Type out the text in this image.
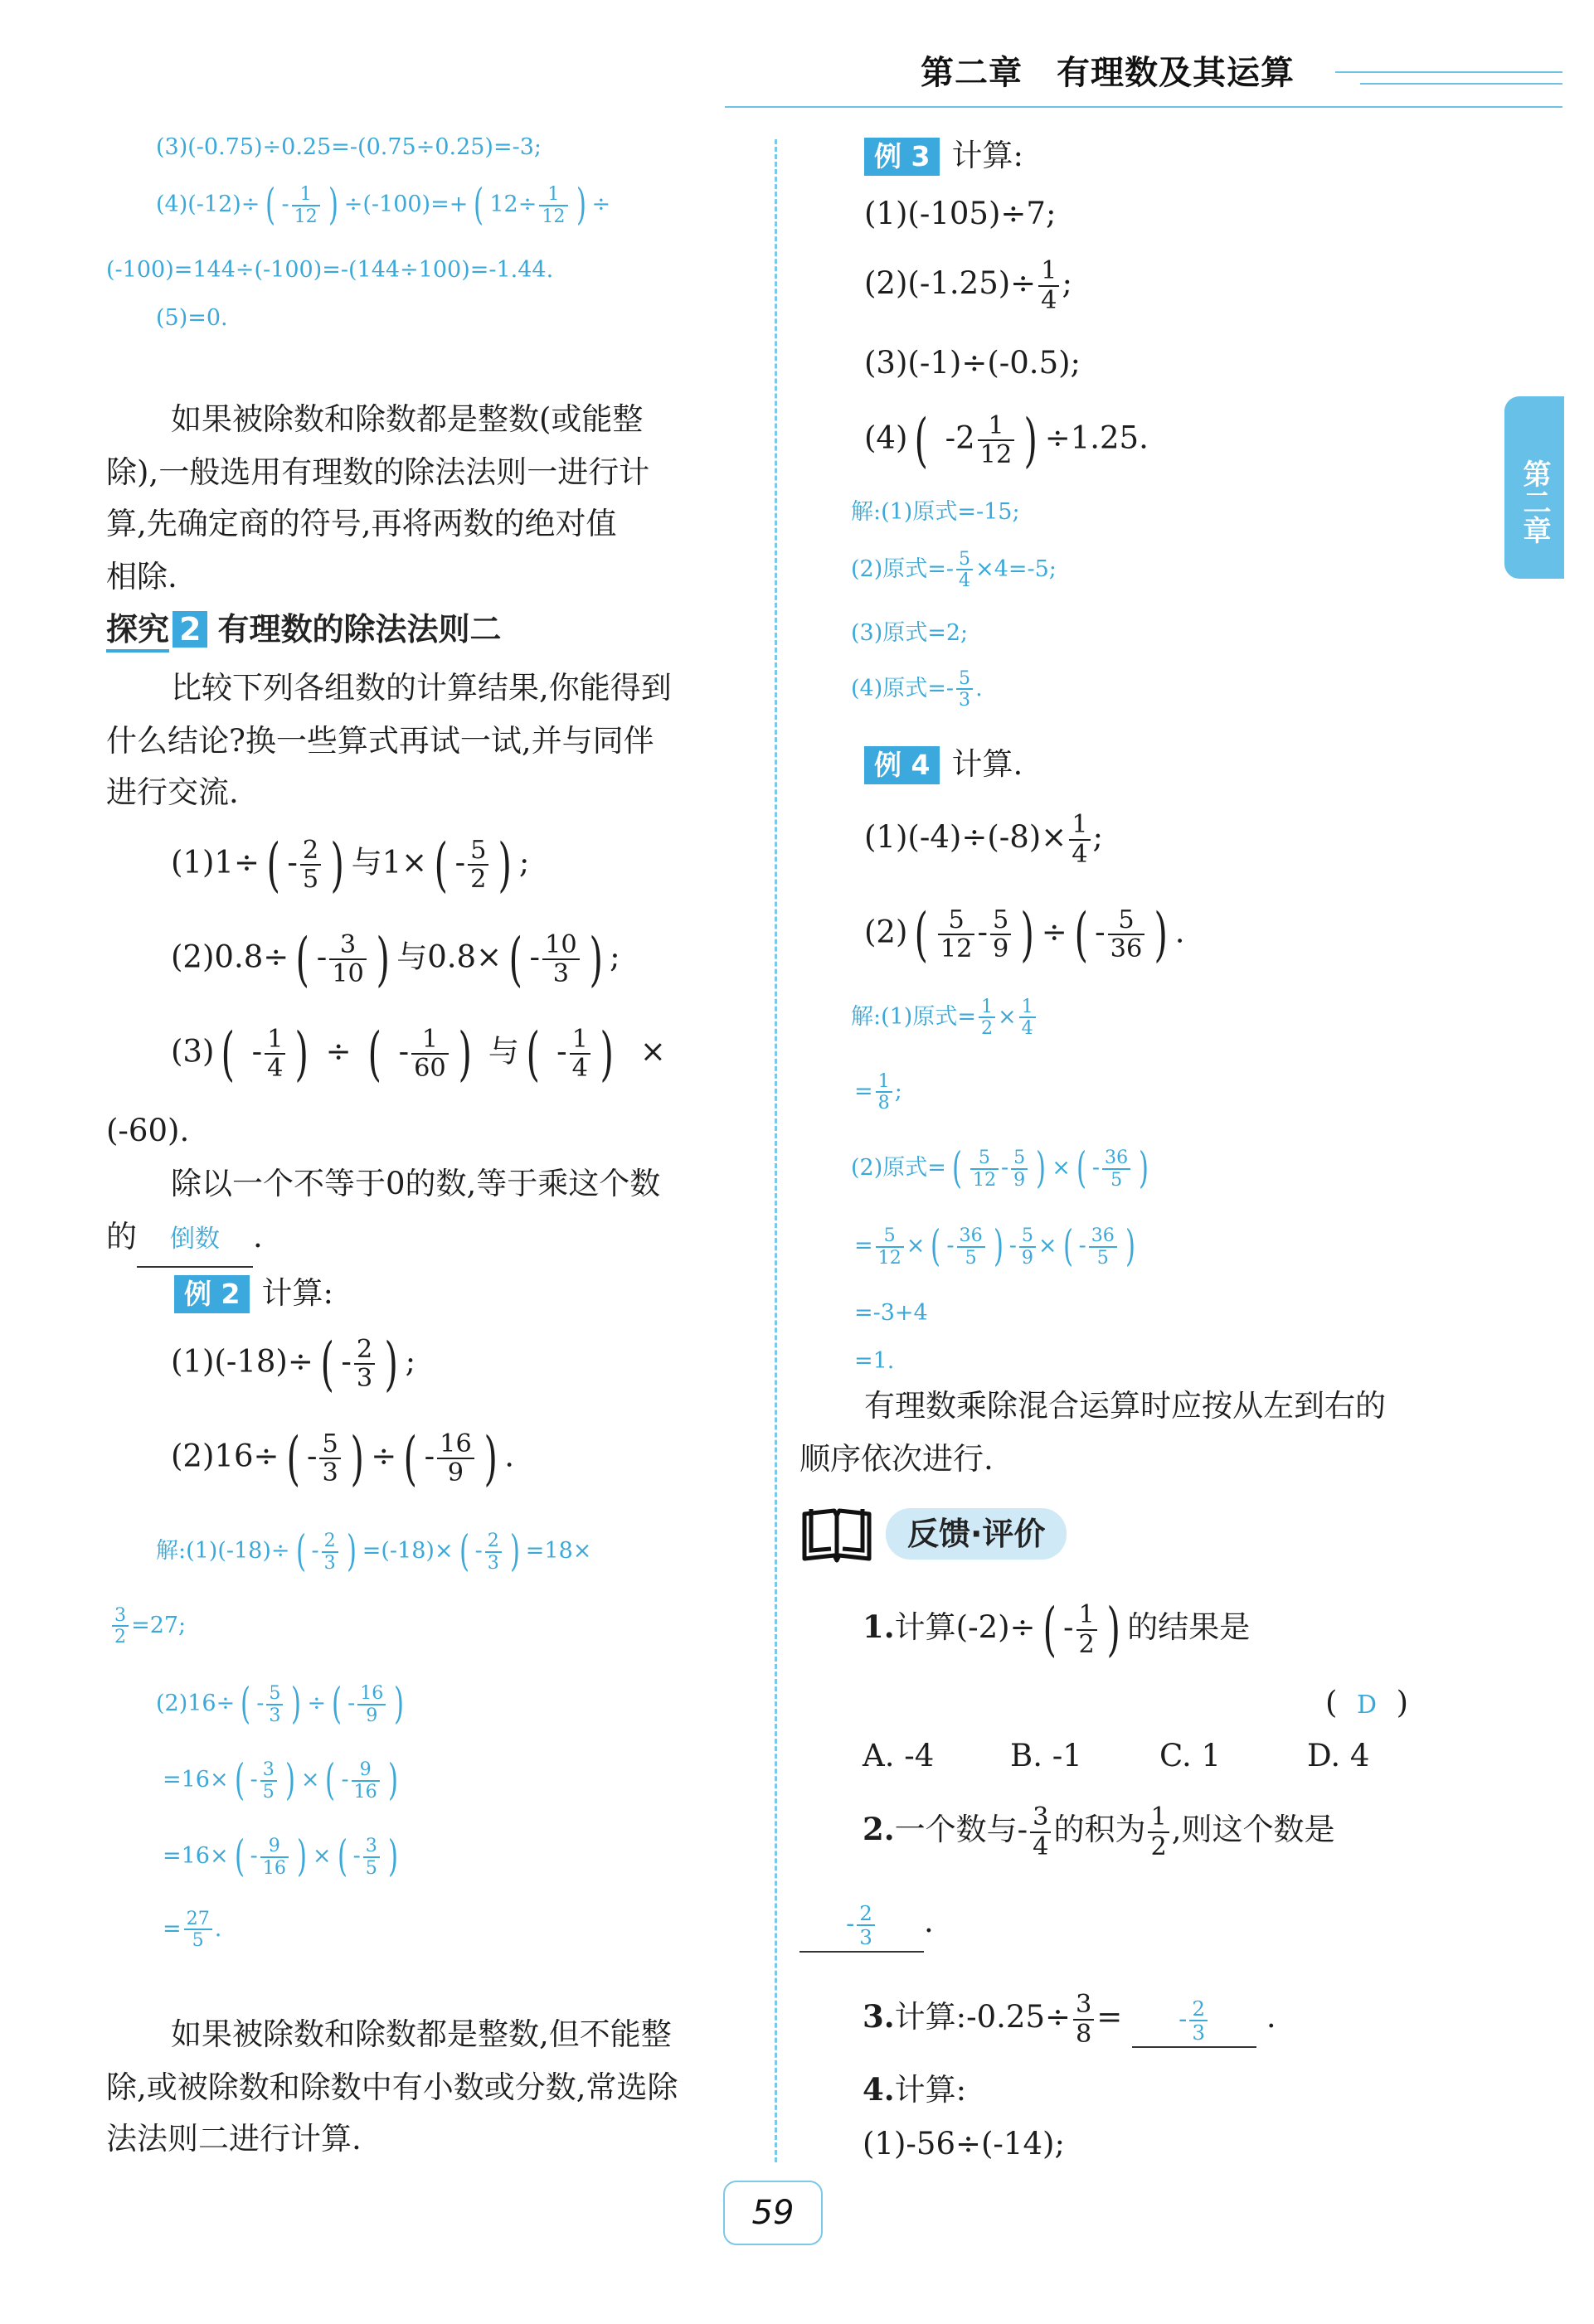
第二章　有理数及其运算
第二章
(3)(-0.75)÷0.25=-(0.75÷0.25)=-3;
(4)(-12)÷ ( - $\frac{1}{12}$ ) ÷(-100)=+ ( $12\div \frac{1}{12}$ ) ÷
(-100)=144÷(-100)=-(144÷100)=-1.44.
(5)=0.
如果被除数和除数都是整数(或能整
除),一般选用有理数的除法法则一进行计
算,先确定商的符号,再将两数的绝对值
相除.
探究 2 有理数的除法法则二
比较下列各组数的计算结果,你能得到
什么结论?换一些算式再试一试,并与同伴
进行交流.
(1)1÷ ( - $\frac{2}{5}$ ) 与1× ( - $\frac{5}{2}$ ) ;
(2)0.8÷ ( - $\frac{3}{10}$ ) 与0.8× ( - $\frac{10}{3}$ ) ;
(3) ( - $\frac{1}{4}$ ) ÷ ( - $\frac{1}{60}$ ) 与 ( - $\frac{1}{4}$ ) ×
(-60).
除以一个不等于0的数,等于乘这个数
的 倒数 .
例 2 计算:
(1)(-18)÷ ( - 2
3 ) ;
(2)16÷ ( - $\frac{5}{3}$ ) ÷ ( - $\frac{16}{9}$ ) .
解:(1)(-18)÷ ( - $\frac{2}{3}$ ) =(-18)× ( - $\frac{2}{3}$ ) =18×
$\frac{3}{2} =27$;
(2)16÷ ( - $\frac{5}{3}$ ) ÷ ( - $\frac{16}{9}$ )
=16× ( - $\frac{3}{5}$ ) × ( - $\frac{9}{16}$ )
=16× ( - $\frac{9}{16}$ ) × ( - $\frac{3}{5}$ )
= $\frac{27}{5}$ .
如果被除数和除数都是整数,但不能整
除,或被除数和除数中有小数或分数,常选除
法法则二进行计算.
例 3 计算:
(1)(-105)÷7;
$(2)(-1.25)\div \frac{1}{4}$ ;
(3)(-1)÷(-0.5);
(4) ( $-2 \frac{1}{12}$ ) ÷1.25.
解:(1)原式=-15;
(2)原式=- $\frac{5}{4} \times 4=-5$;
(3)原式=2;
(4)原式=- $\frac{5}{3}$ .
例 4 计算.
$(1)(-4)\div(-8)\times \frac{1}{4}$ ;
(2) ( $\frac{5}{12} - \frac{5}{9}$ ) ÷ ( - $\frac{5}{36}$ ) .
解:(1)原式= $\frac{1}{2} \times \frac{1}{4}$
= $\frac{1}{8}$ ;
(2)原式= ( $\frac{5}{12} - \frac{5}{9}$ ) × ( - $\frac{36}{5}$ )
= $\frac{5}{12}$ × ( - $\frac{36}{5}$ ) - $\frac{5}{9}$ × ( - $\frac{36}{5}$ )
=-3+4
=1.
有理数乘除混合运算时应按从左到右的
顺序依次进行.
反馈·评价
1.计算(-2)÷ ( - $\frac{1}{2}$ ) 的结果是
( D )
A. -4 B. -1	C. 1	D. 4
2.一个数与- $\frac{3}{4}$ 的积为 $\frac{1}{2}$ ,则这个数是
- $\frac{2}{3}$ .
3.计算:-0.25÷ $\frac{3}{8}$ = - $\frac{2}{3}$ .
4.计算:
(1)-56÷(-14);
59
